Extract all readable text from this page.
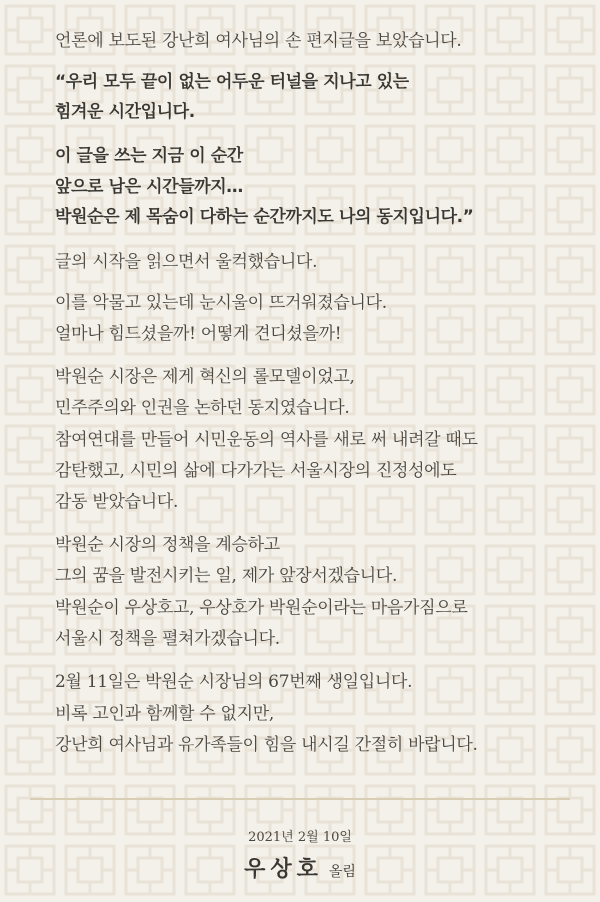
언론에 보도된 강난희 여사님의 손 편지글을 보았습니다.
“우리 모두 끝이 없는 어두운 터널을 지나고 있는
힘겨운 시간입니다.
이 글을 쓰는 지금 이 순간
앞으로 남은 시간들까지…
박원순은 제 목숨이 다하는 순간까지도 나의 동지입니다.”
글의 시작을 읽으면서 울컥했습니다.
이를 악물고 있는데 눈시울이 뜨거워졌습니다.
얼마나 힘드셨을까! 어떻게 견디셨을까!
박원순 시장은 제게 혁신의 롤모델이었고,
민주주의와 인권을 논하던 동지였습니다.
참여연대를 만들어 시민운동의 역사를 새로 써 내려갈 때도
감탄했고, 시민의 삶에 다가가는 서울시장의 진정성에도
감동 받았습니다.
박원순 시장의 정책을 계승하고
그의 꿈을 발전시키는 일, 제가 앞장서겠습니다.
박원순이 우상호고, 우상호가 박원순이라는 마음가짐으로
서울시 정책을 펼쳐가겠습니다.
2월 11일은 박원순 시장님의 67번째 생일입니다.
비록 고인과 함께할 수 없지만,
강난희 여사님과 유가족들이 힘을 내시길 간절히 바랍니다.
2021년 2월 10일
우상호 올림
